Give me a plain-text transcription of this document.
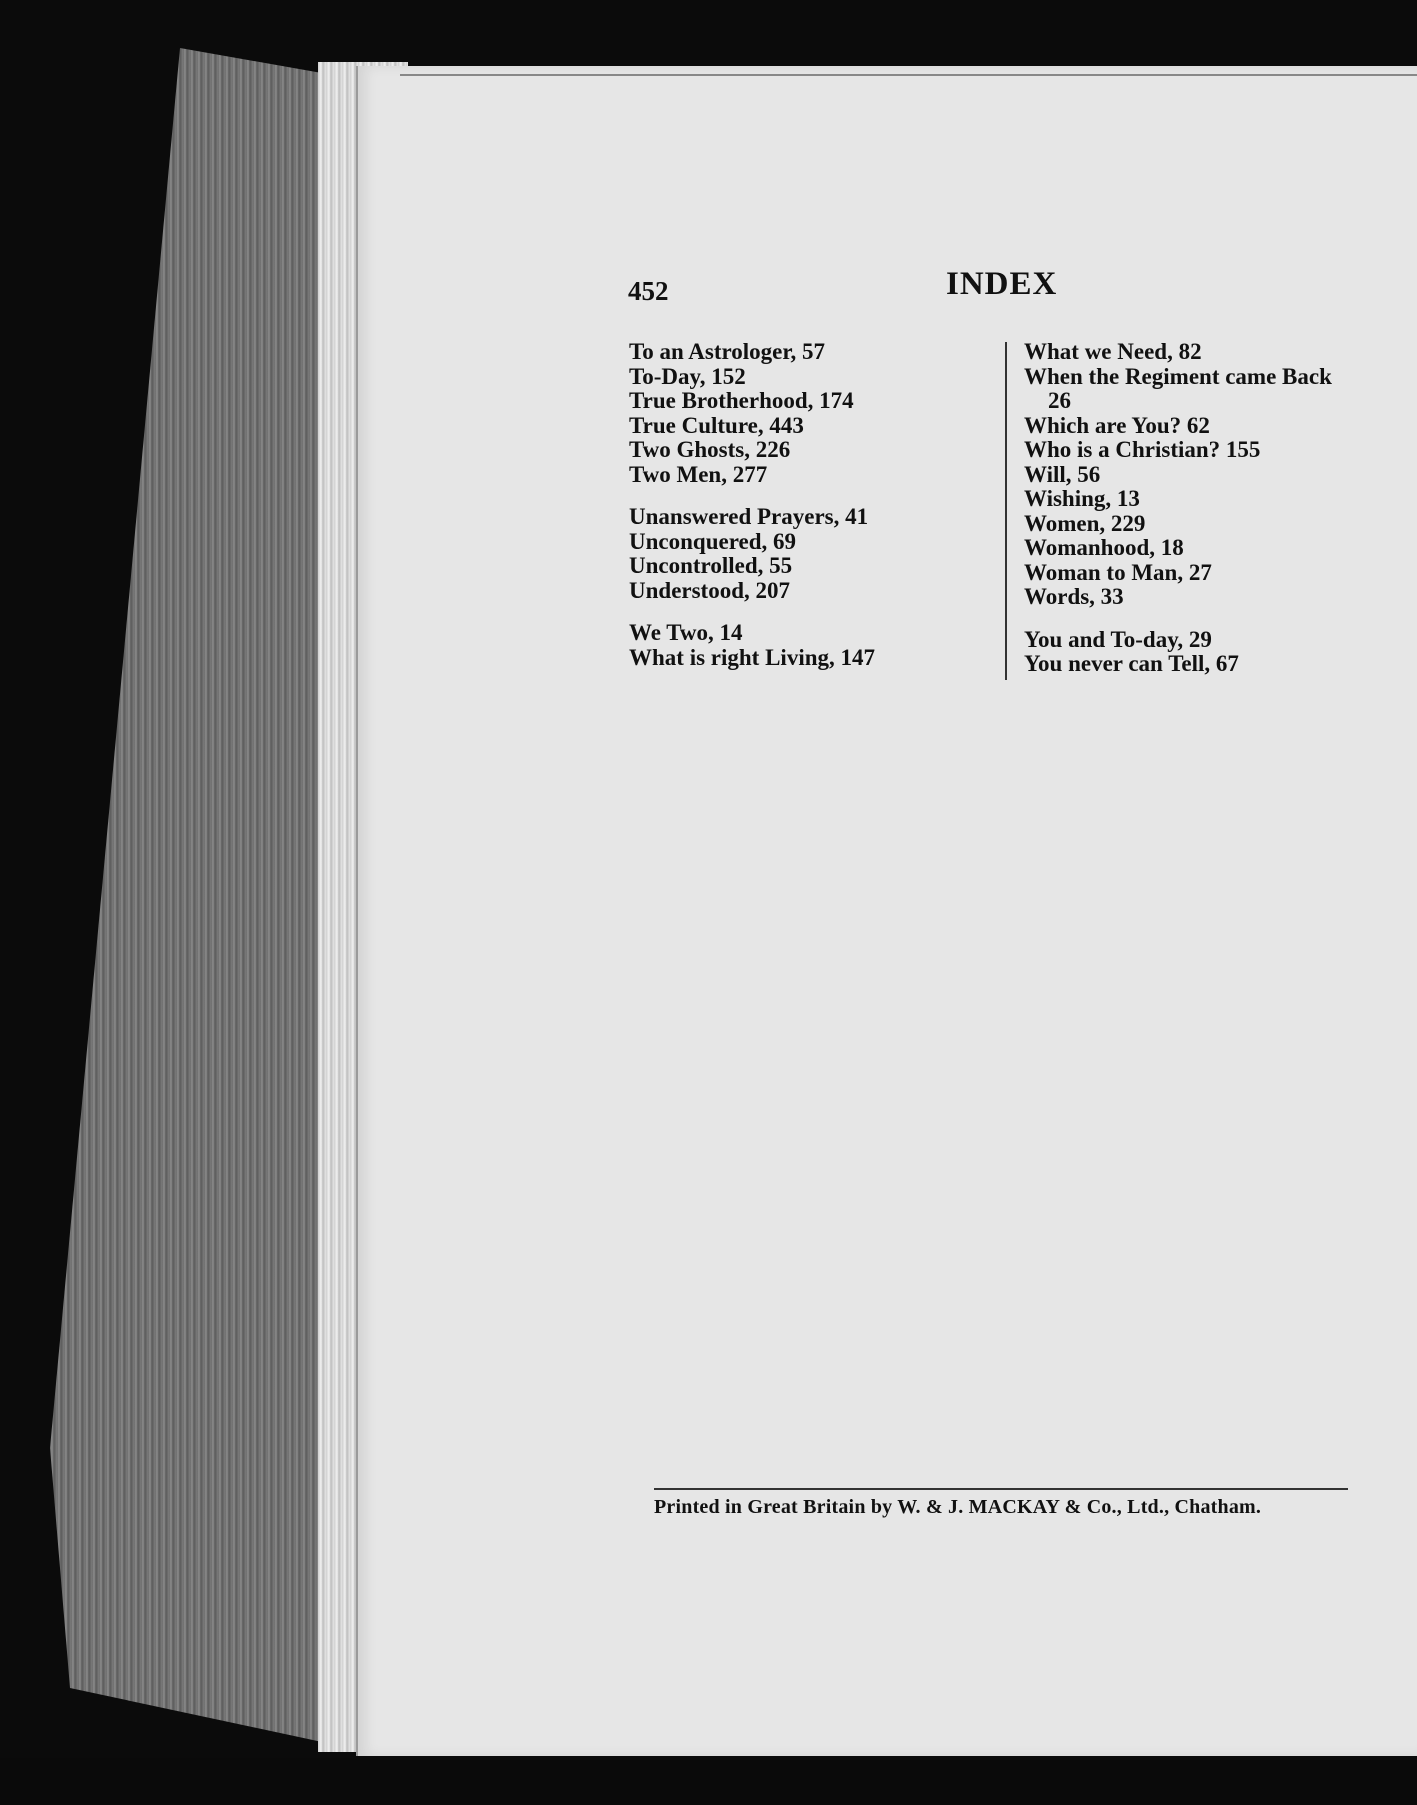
452	INDEX
To an Astrologer, 57
To-Day, 152
True Brotherhood, 174
True Culture, 443
Two Ghosts, 226
Two Men, 277
Unanswered Prayers, 41
Unconquered, 69
Uncontrolled, 55
Understood, 207
We Two, 14
What is right Living, 147
What we Need, 82
When the Regiment came Back
26
Which are You? 62
Who is a Christian? 155
Will, 56
Wishing, 13
Women, 229
Womanhood, 18
Woman to Man, 27
Words, 33
You and To-day, 29
You never can Tell, 67
Printed in Great Britain by W. & J. MACKAY & Co., Ltd., Chatham.
